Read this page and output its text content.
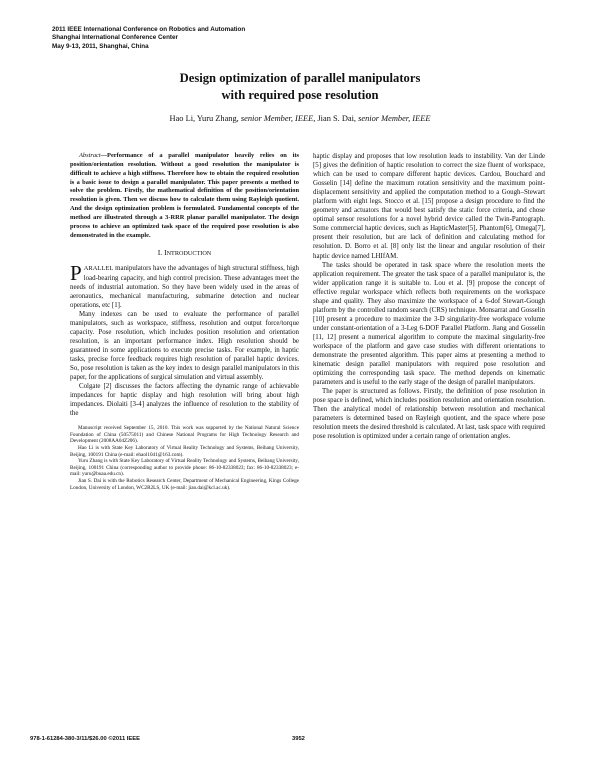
2011 IEEE International Conference on Robotics and Automation
Shanghai International Conference Center
May 9-13, 2011, Shanghai, China
Design optimization of parallel manipulators
with required pose resolution
Hao Li, Yuru Zhang, senior Member, IEEE, Jian S. Dai, senior Member, IEEE

Abstract—Performance of a parallel manipulator heavily relies on its position/orientation resolution. Without a good resolution the manipulator is difficult to achieve a high stiffness. Therefore how to obtain the required resolution is a basic issue to design a parallel manipulator. This paper presents a method to solve the problem. Firstly, the mathematical definition of the position/orientation resolution is given. Then we discuss how to calculate them using Rayleigh quotient. And the design optimization problem is formulated. Fundamental concepts of the method are illustrated through a 3-RRR planar parallel manipulator. The design process to achieve an optimized task space of the required pose resolution is also demonstrated in the example.

I. INTRODUCTION

PARALLEL manipulators have the advantages of high structural stiffness, high load-bearing capacity, and high control precision. These advantages meet the needs of industrial automation. So they have been widely used in the areas of aeronautics, mechanical manufacturing, submarine detection and nuclear operations, etc [1].

Many indexes can be used to evaluate the performance of parallel manipulators, such as workspace, stiffness, resolution and output force/torque capacity. Pose resolution, which includes position resolution and orientation resolution, is an important performance index. High resolution should be guaranteed in some applications to execute precise tasks. For example, in haptic tasks, precise force feedback requires high resolution of parallel haptic devices. So, pose resolution is taken as the key index to design parallel manipulators in this paper, for the applications of surgical simulation and virtual assembly.

Colgate [2] discusses the factors affecting the dynamic range of achievable impedances for haptic display and high resolution will bring about high impedances. Diolaiti [3-4] analyzes the influence of resolution to the stability of the

Manuscript received September 15, 2010. This work was supported by the National Natural Science Foundation of China (50575011) and Chinese National Programs for High Technology Research and Development (2008AA04Z206).

Hao Li is with State Key Laboratory of Virtual Reality Technology and Systems, Beihang University, Beijing, 100191 China (e-mail: ehaol1041@163.com).

Yuru Zhang is with State Key Laboratory of Virtual Reality Technology and Systems, Beihang University, Beijing, 100191 China (corresponding author to provide phone: 86-10-82338023; fax: 86-10-82338023; e-mail: yuru@buaa.edu.cn).

Jian S. Dai is with the Robotics Research Center, Department of Mechanical Engineering, Kings College London, University of London, WC2R2LS, UK (e-mail: jian.dai@kcl.ac.uk).

haptic display and proposes that low resolution leads to instability. Van der Linde [5] gives the definition of haptic resolution to correct the size fluent of workspace, which can be used to compare different haptic devices. Cardou, Bouchard and Gosselin [14] define the maximum rotation sensitivity and the maximum point-displacement sensitivity and applied the computation method to a Gough–Stewart platform with eight legs. Stocco et al. [15] propose a design procedure to find the geometry and actuators that would best satisfy the static force criteria, and chose optimal sensor resolutions for a novel hybrid device called the Twin-Pantograph. Some commercial haptic devices, such as HapticMaster[5], Phantom[6], Omega[7], present their resolution, but are lack of definition and calculating method for resolution. D. Borro et al. [8] only list the linear and angular resolution of their haptic device named LHIfAM.

The tasks should be operated in task space where the resolution meets the application requirement. The greater the task space of a parallel manipulator is, the wider application range it is suitable to. Lou et al. [9] propose the concept of effective regular workspace which reflects both requirements on the workspace shape and quality. They also maximize the workspace of a 6-dof Stewart-Gough platform by the controlled random search (CRS) technique. Monsarrat and Gosselin [10] present a procedure to maximize the 3-D singularity-free workspace volume under constant-orientation of a 3-Leg 6-DOF Parallel Platform. Jiang and Gosselin [11, 12] present a numerical algorithm to compute the maximal singularity-free workspace of the platform and gave case studies with different orientations to demonstrate the presented algorithm. This paper aims at presenting a method to kinematic design parallel manipulators with required pose resolution and optimizing the corresponding task space. The method depends on kinematic parameters and is useful to the early stage of the design of parallel manipulators.

The paper is structured as follows. Firstly, the definition of pose resolution in pose space is defined, which includes position resolution and orientation resolution. Then the analytical model of relationship between resolution and mechanical parameters is determined based on Rayleigh quotient, and the space where pose resolution meets the desired threshold is calculated. At last, task space with required pose resolution is optimized under a certain range of orientation angles.

978-1-61284-380-3/11/$26.00 ©2011 IEEE	3952
